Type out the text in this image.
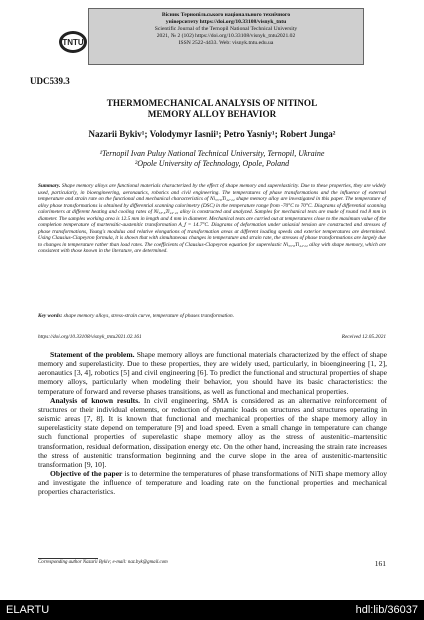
TNTU
Вісник Тернопільського національного технічного
університету https://doi.org/10.33108/visnyk_tntu
Scientific Journal of the Ternopil National Technical University
2021, № 2 (102) https://doi.org/10.33108/visnyk_tntu2021.02
ISSN 2522-4433. Web: visnyk.tntu.edu.ua
UDC539.3
THERMOMECHANICAL ANALYSIS OF NITINOL
MEMORY ALLOY BEHAVIOR
Nazarii Bykiv¹; Volodymyr Iasnii¹; Petro Yasniy¹; Robert Junga²
¹Ternopil Ivan Puluy National Technical University, Ternopil, Ukraine
²Opole University of Technology, Opole, Poland
Summary. Shape memory alloys are functional materials characterized by the effect of shape memory and superelasticity. Due to these properties, they are widely used, particularly, in bioengineering, aeronautics, robotics and civil engineering. The temperatures of phase transformations and the influence of external temperature and strain rate on the functional and mechanical characteristics of Ni₅₅.₈Ti₄₄.₂₂ shape memory alloy are investigated in this paper. The temperature of alloy phase transformations is obtained by differential scanning calorimetry (DSC) in the temperature range from -70°C to 70°C. Diagrams of differential scanning calorimeters at different heating and cooling rates of Ni₅₅.₈Ti₄₄.₂₂ alloy is constructed and analyzed. Samples for mechanical tests are made of round rod 8 mm in diameter. The samples working area is 12.5 mm in length and 4 mm in diameter. Mechanical tests are carried out at temperatures close to the maximum value of the completion temperature of martensitic-austenitic transformation A_f = 14.7°C. Diagrams of deformation under uniaxial tension are constructed and stresses of phase transformations, Young's modulus and relative elongations of transformation areas at different loading speeds and exterior temperatures are determined. Using Clausius-Clapeyron formula, it is shown that with simultaneous changes in temperature and strain rate, the stresses of phase transformations are largely due to changes in temperature rather than load rates. The coefficients of Clausius-Clapeyron equation for superelastic Ni₅₅.₈Ti₄₄.₂₂ alloy with shape memory, which are consistent with those known in the literature, are determined.
Key words: shape memory alloys, stress-strain curve, temperature of phases transformation.
https://doi.org/10.33108/visnyk_tntu2021.02.161	Received 12.05.2021

Statement of the problem. Shape memory alloys are functional materials characterized by the effect of shape memory and superelasticity. Due to these properties, they are widely used, particularly, in bioengineering [1, 2], aeronautics [3, 4], robotics [5] and civil engineering [6]. To predict the functional and structural properties of shape memory alloys, particularly when modeling their behavior, you should have its basic characteristics: the temperature of forward and reverse phases transitions, as well as functional and mechanical properties.

Analysis of known results. In civil engineering, SMA is considered as an alternative reinforcement of structures or their individual elements, or reduction of dynamic loads on structures and structures operating in seismic areas [7, 8]. It is known that functional and mechanical properties of the shape memory alloy in superelasticity state depend on temperature [9] and load speed. Even a small change in temperature can change such functional properties of superelastic shape memory alloy as the stress of austenitic–martensitic transformation, residual deformation, dissipation energy etc. On the other hand, increasing the strain rate increases the stress of austenitic transformation beginning and the curve slope in the area of austenitic-martensitic transformation [9, 10].

Objective of the paper is to determine the temperatures of phase transformations of NiTi shape memory alloy and investigate the influence of temperature and loading rate on the functional properties and mechanical properties characteristics.

Corresponding author Nazarii Bykiv; e-mail: naz.byk@gmail.com	161
ELARTU	hdl:lib/36037
